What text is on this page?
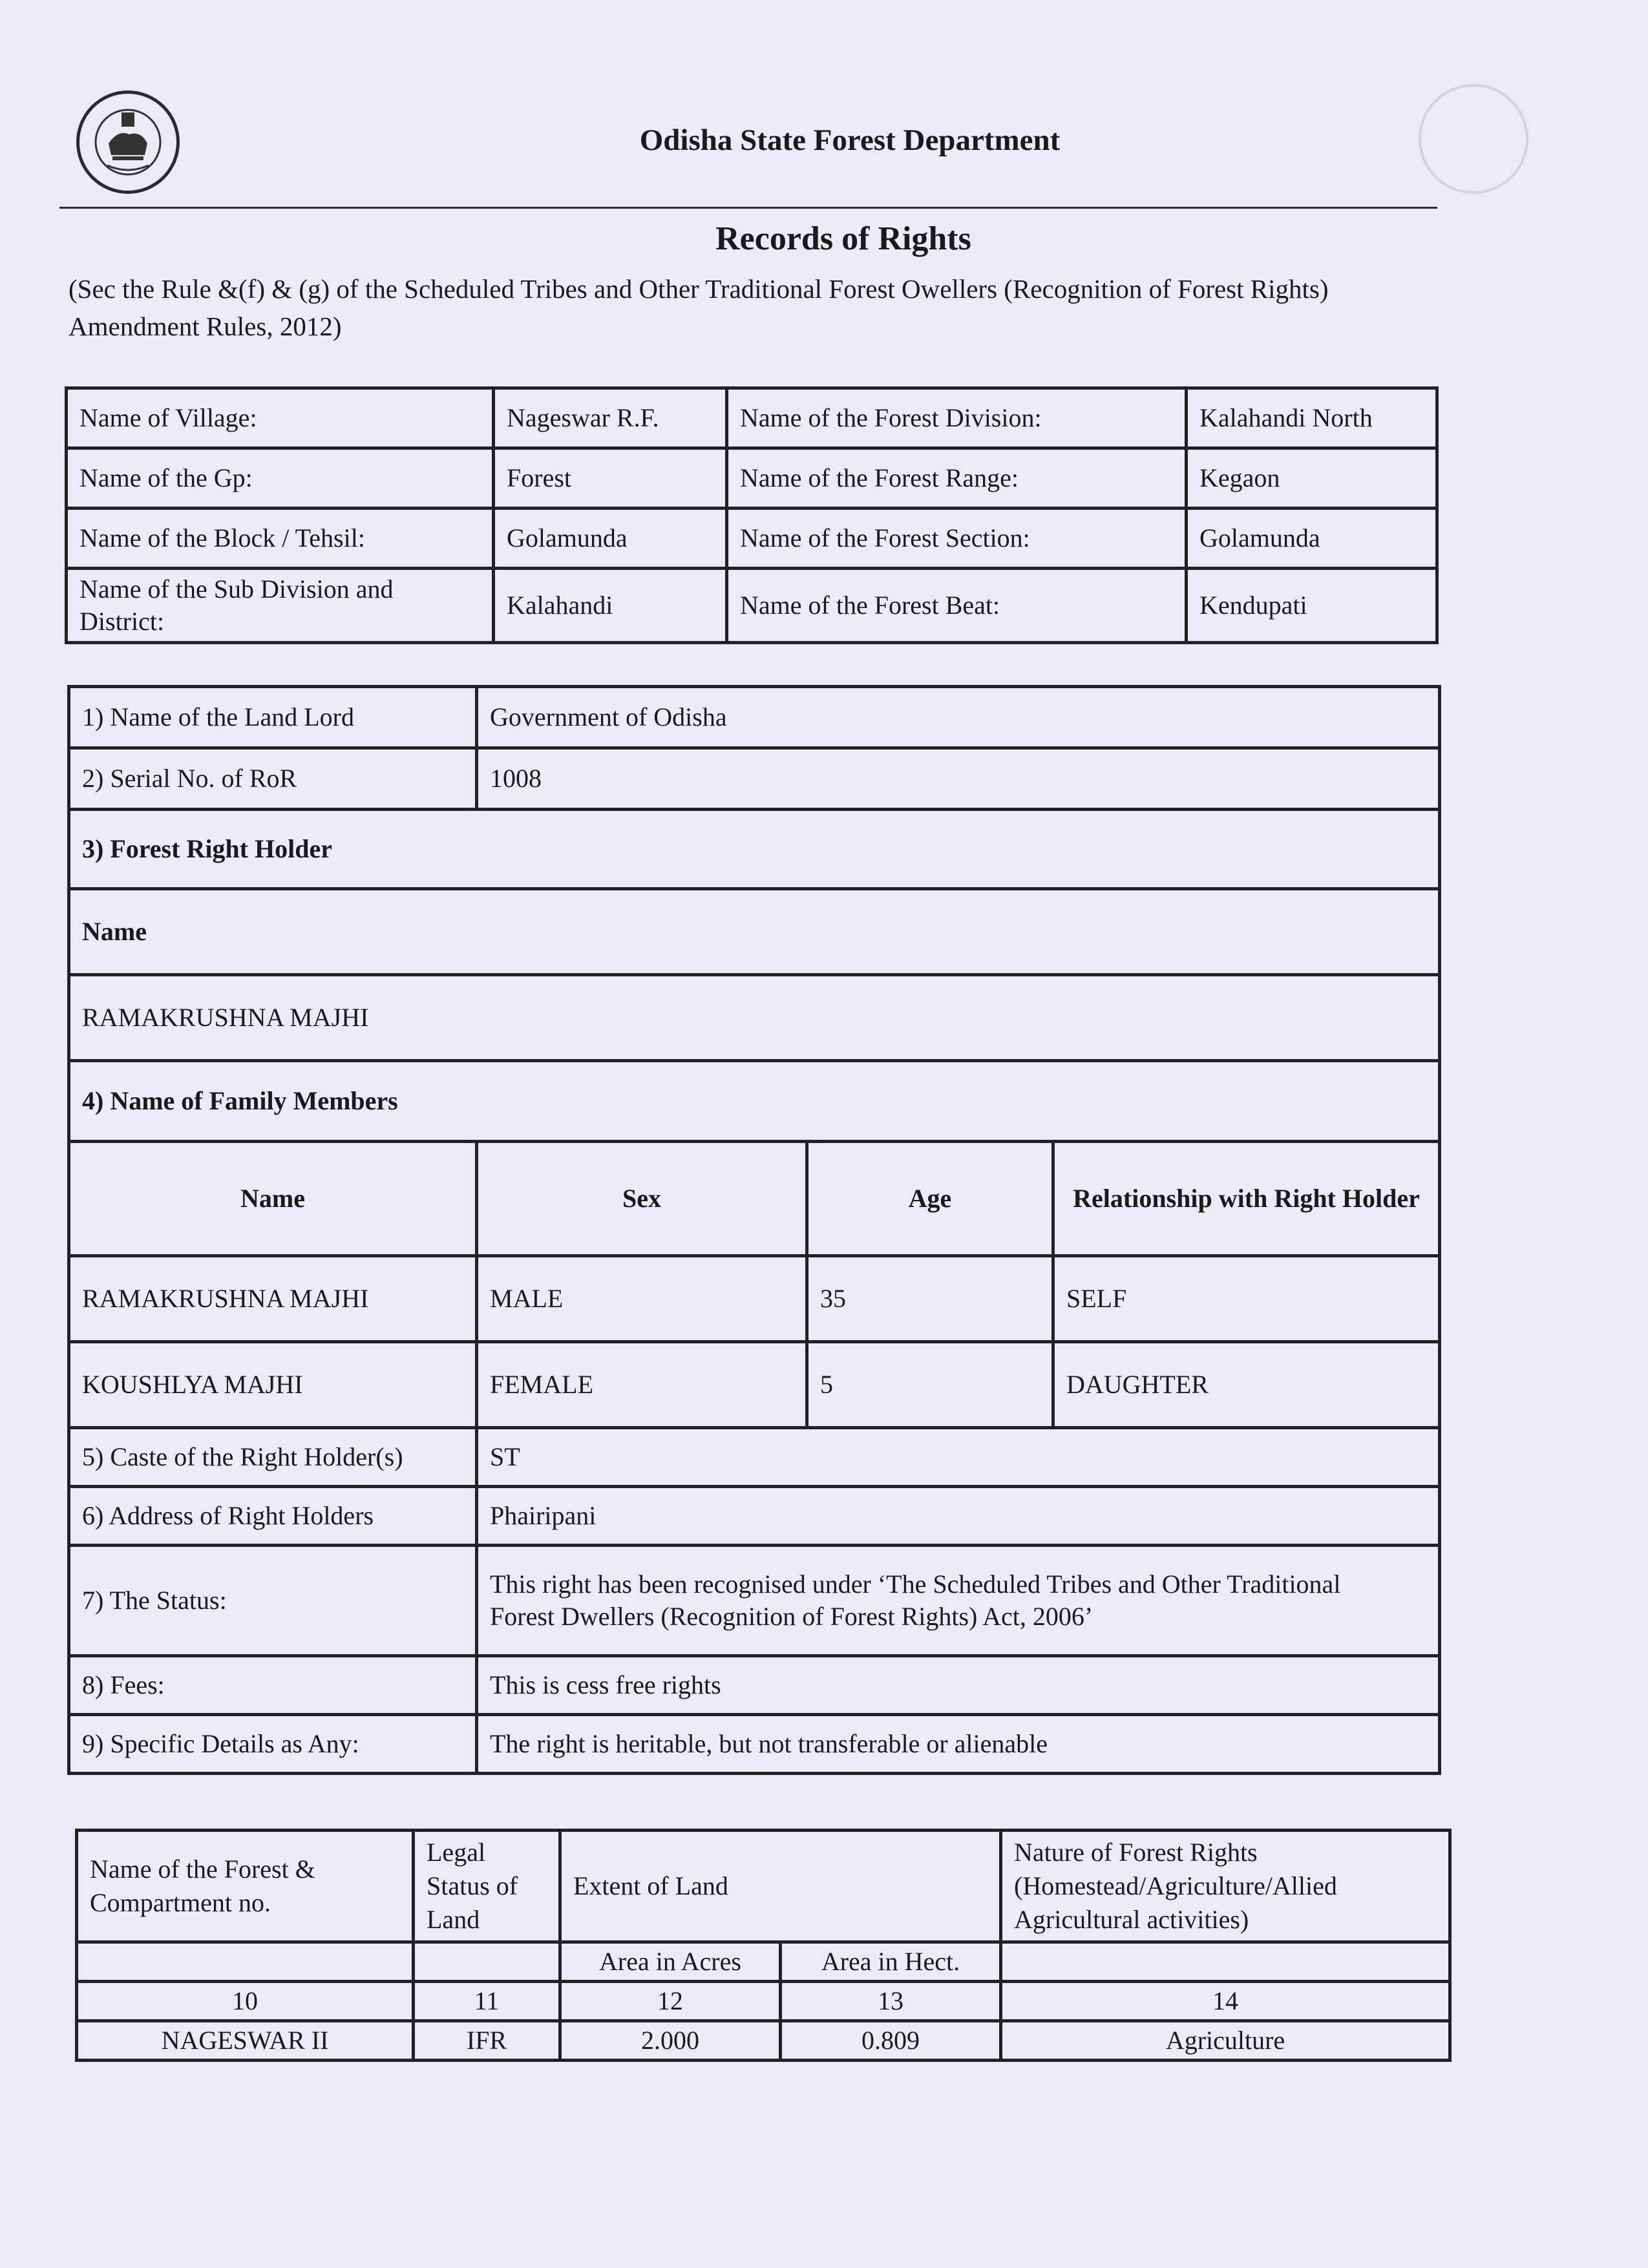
Odisha State Forest Department
Records of Rights
(Sec the Rule &(f) & (g) of the Scheduled Tribes and Other Traditional Forest Owellers (Recognition of Forest Rights) Amendment Rules, 2012)
Name of Village:	Nageswar R.F.	Name of the Forest Division:	Kalahandi North
Name of the Gp:	Forest	Name of the Forest Range:	Kegaon
Name of the Block / Tehsil:	Golamunda	Name of the Forest Section:	Golamunda
Name of the Sub Division and District:	Kalahandi	Name of the Forest Beat:	Kendupati
1) Name of the Land Lord	Government of Odisha		
2) Serial No. of RoR	1008		
3) Forest Right Holder			
Name			
RAMAKRUSHNA MAJHI			
4) Name of Family Members			
Name	Sex	Age	Relationship with Right Holder
RAMAKRUSHNA MAJHI	MALE	35	SELF
KOUSHLYA MAJHI	FEMALE	5	DAUGHTER
5) Caste of the Right Holder(s)	ST		
6) Address of Right Holders	Phairipani		
7) The Status:	This right has been recognised under ‘The Scheduled Tribes and Other Traditional
Forest Dwellers (Recognition of Forest Rights) Act, 2006’		

8) Fees:	This is cess free rights		
9) Specific Details as Any:	The right is heritable, but not transferable or alienable		
Name of the Forest & Compartment no.	Legal Status of Land	Extent of Land		Nature of Forest Rights (Homestead/Agriculture/Allied Agricultural activities)
		Area in Acres	Area in Hect.	
10	11	12	13	14
NAGESWAR II	IFR	2.000	0.809	Agriculture
